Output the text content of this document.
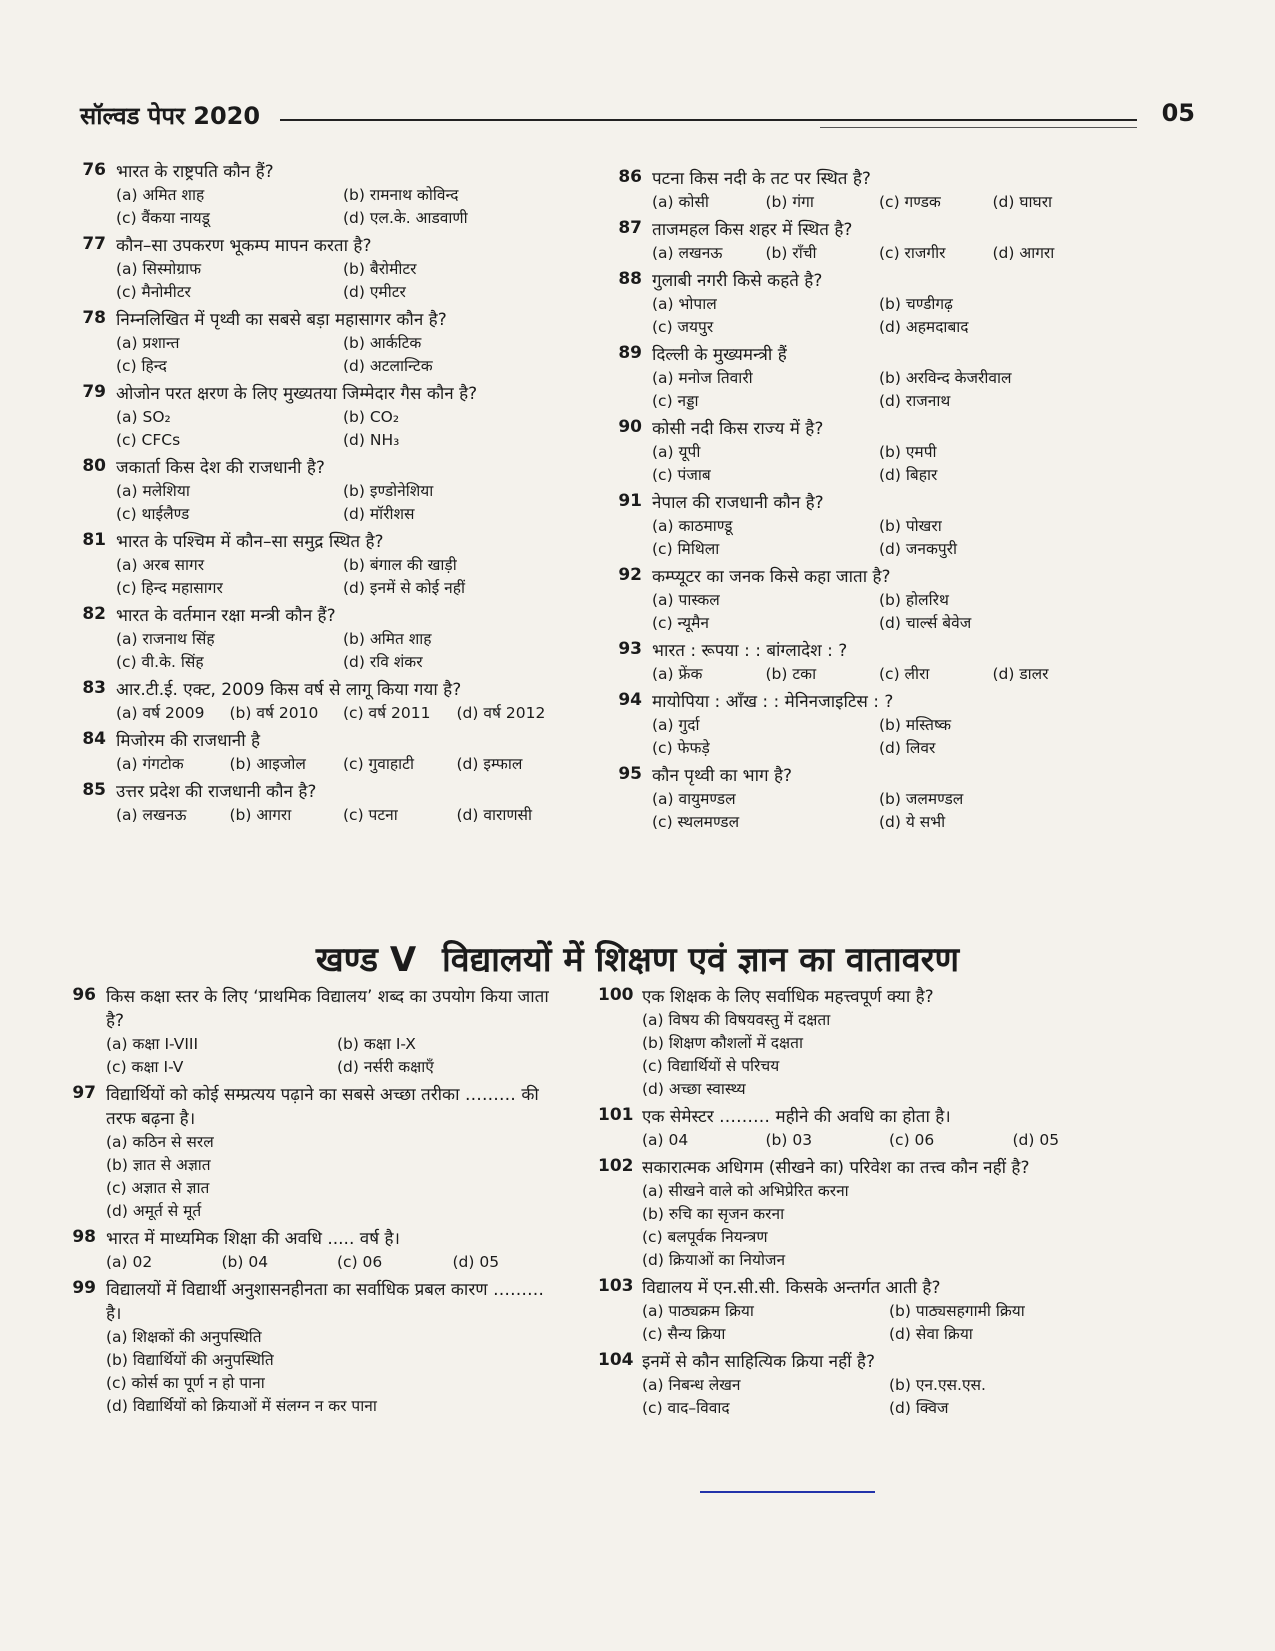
सॉल्वड पेपर 2020	05
76 भारत के राष्ट्रपति कौन हैं?
(a) अमित शाह	(b) रामनाथ कोविन्द
(c) वैंकया नायडू	(d) एल.के. आडवाणी
77 कौन–सा उपकरण भूकम्प मापन करता है?
(a) सिस्मोग्राफ	(b) बैरोमीटर
(c) मैनोमीटर	(d) एमीटर
78 निम्नलिखित में पृथ्वी का सबसे बड़ा महासागर कौन है?
(a) प्रशान्त	(b) आर्कटिक
(c) हिन्द	(d) अटलान्टिक
79 ओजोन परत क्षरण के लिए मुख्यतया जिम्मेदार गैस कौन है?
(a) SO₂	(b) CO₂
(c) CFCs	(d) NH₃
80 जकार्ता किस देश की राजधानी है?
(a) मलेशिया	(b) इण्डोनेशिया
(c) थाईलैण्ड	(d) मॉरीशस
81 भारत के पश्चिम में कौन–सा समुद्र स्थित है?
(a) अरब सागर	(b) बंगाल की खाड़ी
(c) हिन्द महासागर	(d) इनमें से कोई नहीं
82 भारत के वर्तमान रक्षा मन्त्री कौन हैं?
(a) राजनाथ सिंह	(b) अमित शाह
(c) वी.के. सिंह	(d) रवि शंकर
83 आर.टी.ई. एक्ट, 2009 किस वर्ष से लागू किया गया है?
(a) वर्ष 2009	(b) वर्ष 2010	(c) वर्ष 2011	(d) वर्ष 2012
84 मिजोरम की राजधानी है
(a) गंगटोक	(b) आइजोल	(c) गुवाहाटी	(d) इम्फाल
85 उत्तर प्रदेश की राजधानी कौन है?
(a) लखनऊ	(b) आगरा	(c) पटना	(d) वाराणसी
86 पटना किस नदी के तट पर स्थित है?
(a) कोसी	(b) गंगा	(c) गण्डक	(d) घाघरा
87 ताजमहल किस शहर में स्थित है?
(a) लखनऊ	(b) राँची	(c) राजगीर	(d) आगरा
88 गुलाबी नगरी किसे कहते है?
(a) भोपाल	(b) चण्डीगढ़
(c) जयपुर	(d) अहमदाबाद
89 दिल्ली के मुख्यमन्त्री हैं
(a) मनोज तिवारी	(b) अरविन्द केजरीवाल
(c) नड्डा	(d) राजनाथ
90 कोसी नदी किस राज्य में है?
(a) यूपी	(b) एमपी
(c) पंजाब	(d) बिहार
91 नेपाल की राजधानी कौन है?
(a) काठमाण्डू	(b) पोखरा
(c) मिथिला	(d) जनकपुरी
92 कम्प्यूटर का जनक किसे कहा जाता है?
(a) पास्कल	(b) होलरिथ
(c) न्यूमैन	(d) चार्ल्स बेवेज
93 भारत : रूपया : : बांग्लादेश : ?
(a) फ्रेंक	(b) टका	(c) लीरा	(d) डालर
94 मायोपिया : आँख : : मेनिनजाइटिस : ?
(a) गुर्दा	(b) मस्तिष्क
(c) फेफड़े	(d) लिवर
95 कौन पृथ्वी का भाग है?
(a) वायुमण्डल	(b) जलमण्डल
(c) स्थलमण्डल	(d) ये सभी
खण्ड V विद्यालयों में शिक्षण एवं ज्ञान का वातावरण
96 किस कक्षा स्तर के लिए ‘प्राथमिक विद्यालय’ शब्द का उपयोग किया जाता है?
(a) कक्षा I-VIII	(b) कक्षा I-X
(c) कक्षा I-V	(d) नर्सरी कक्षाएँ
97 विद्यार्थियों को कोई सम्प्रत्यय पढ़ाने का सबसे अच्छा तरीका ……… की तरफ बढ़ना है।
(a) कठिन से सरल
(b) ज्ञात से अज्ञात
(c) अज्ञात से ज्ञात
(d) अमूर्त से मूर्त
98 भारत में माध्यमिक शिक्षा की अवधि ..... वर्ष है।
(a) 02	(b) 04	(c) 06	(d) 05
99 विद्यालयों में विद्यार्थी अनुशासनहीनता का सर्वाधिक प्रबल कारण ……… है।
(a) शिक्षकों की अनुपस्थिति
(b) विद्यार्थियों की अनुपस्थिति
(c) कोर्स का पूर्ण न हो पाना
(d) विद्यार्थियों को क्रियाओं में संलग्न न कर पाना
100 एक शिक्षक के लिए सर्वाधिक महत्त्वपूर्ण क्या है?
(a) विषय की विषयवस्तु में दक्षता
(b) शिक्षण कौशलों में दक्षता
(c) विद्यार्थियों से परिचय
(d) अच्छा स्वास्थ्य
101 एक सेमेस्टर ……… महीने की अवधि का होता है।
(a) 04	(b) 03	(c) 06	(d) 05
102 सकारात्मक अधिगम (सीखने का) परिवेश का तत्त्व कौन नहीं है?
(a) सीखने वाले को अभिप्रेरित करना
(b) रुचि का सृजन करना
(c) बलपूर्वक नियन्त्रण
(d) क्रियाओं का नियोजन
103 विद्यालय में एन.सी.सी. किसके अन्तर्गत आती है?
(a) पाठ्यक्रम क्रिया	(b) पाठ्यसहगामी क्रिया
(c) सैन्य क्रिया	(d) सेवा क्रिया
104 इनमें से कौन साहित्यिक क्रिया नहीं है?
(a) निबन्ध लेखन	(b) एन.एस.एस.
(c) वाद–विवाद	(d) क्विज
